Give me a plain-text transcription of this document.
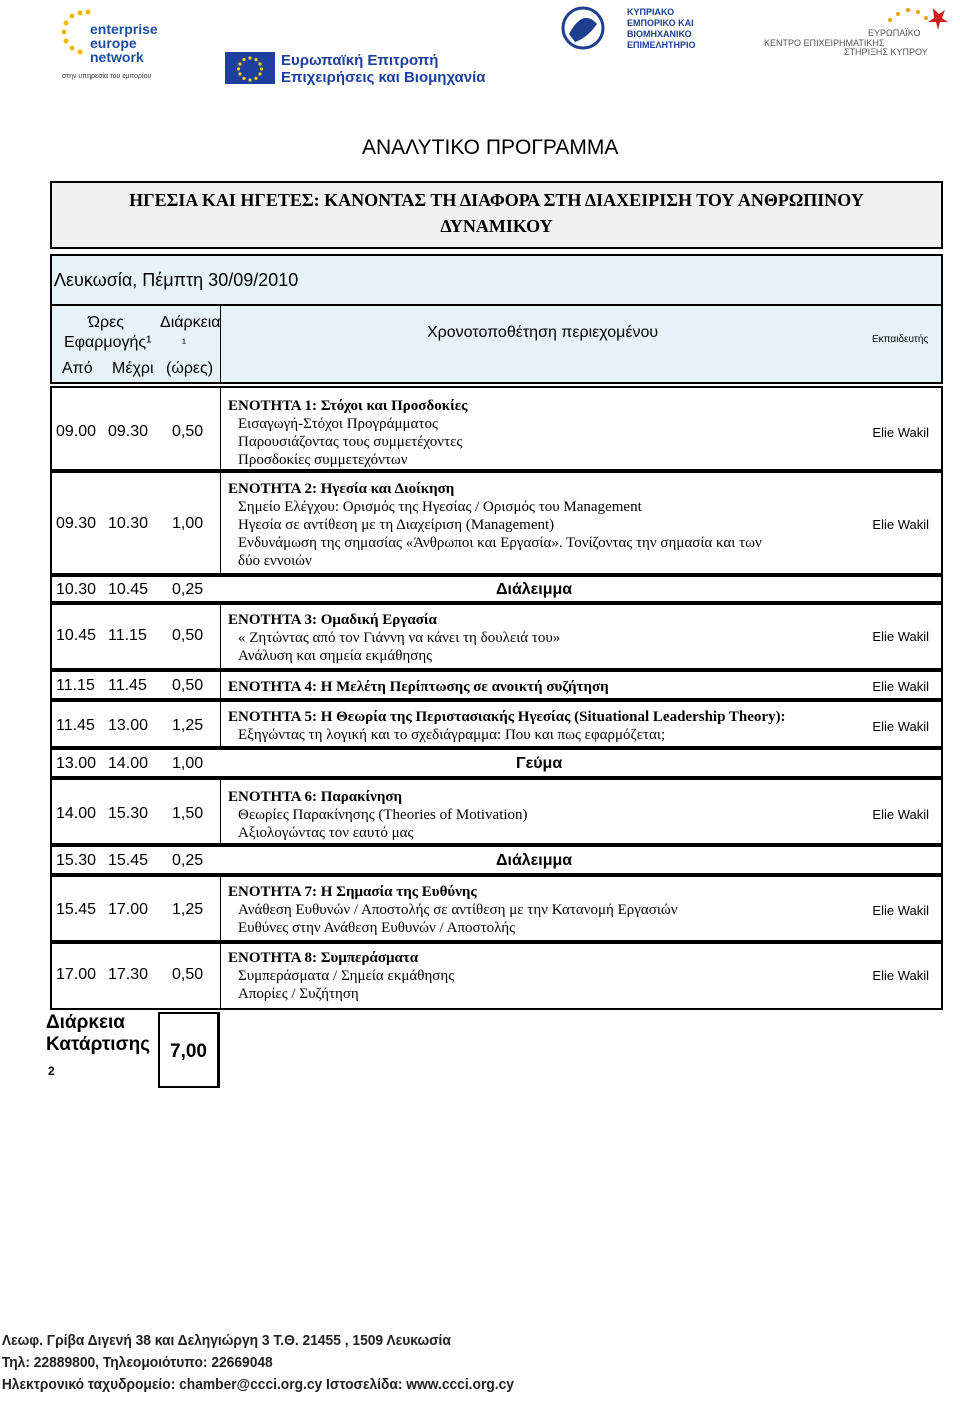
enterprise
europe
network
στην υπηρεσία του εμπορίου
Ευρωπαϊκή Επιτροπή
Επιχειρήσεις και Βιομηχανία
ΚΥΠΡΙΑΚΟ
ΕΜΠΟΡΙΚΟ ΚΑΙ
ΒΙΟΜΗΧΑΝΙΚΟ
ΕΠΙΜΕΛΗΤΗΡΙΟ
ΕΥΡΩΠΑΪΚΟ
ΚΕΝΤΡΟ ΕΠΙΧΕΙΡΗΜΑΤΙΚΗΣ
ΣΤΗΡΙΞΗΣ ΚΥΠΡΟΥ
ΑΝΑΛΥΤΙΚΟ ΠΡΟΓΡΑΜΜΑ
ΗΓΕΣΙΑ ΚΑΙ ΗΓΕΤΕΣ: ΚΑΝΟΝΤΑΣ ΤΗ ΔΙΑΦΟΡΑ ΣΤΗ ΔΙΑΧΕΙΡΙΣΗ ΤΟΥ ΑΝΘΡΩΠΙΝΟΥ
ΔΥΝΑΜΙΚΟΥ
Λευκωσία, Πέμπτη 30/09/2010
Ώρες
Εφαρμογής¹
Διάρκεια
¹
Χρονοτοποθέτηση περιεχομένου	Εκπαιδευτής
Από Μέχρι (ώρες)
09.00 09.30 0,50
ΕΝΟΤΗΤΑ 1: Στόχοι και Προσδοκίες
Εισαγωγή-Στόχοι Προγράμματος
Παρουσιάζοντας τους συμμετέχοντες
Προσδοκίες συμμετεχόντων
Elie Wakil
09.30 10.30 1,00
ΕΝΟΤΗΤΑ 2: Ηγεσία και Διοίκηση
Σημείο Ελέγχου: Ορισμός της Ηγεσίας / Ορισμός του Management
Ηγεσία σε αντίθεση με τη Διαχείριση (Management)
Ενδυνάμωση της σημασίας «Άνθρωποι και Εργασία». Τονίζοντας την σημασία και των
δύο εννοιών
Elie Wakil
10.30 10.45 0,25	Διάλειμμα
10.45 11.15 0,50
ΕΝΟΤΗΤΑ 3: Ομαδική Εργασία
« Ζητώντας από τον Γιάννη να κάνει τη δουλειά του»
Ανάλυση και σημεία εκμάθησης
Elie Wakil
11.15 11.45 0,50 ΕΝΟΤΗΤΑ 4: Η Μελέτη Περίπτωσης σε ανοικτή συζήτηση	Elie Wakil
11.45 13.00 1,25 ΕΝΟΤΗΤΑ 5: Η Θεωρία της Περιστασιακής Ηγεσίας (Situational Leadership Theory):
Εξηγώντας τη λογική και το σχεδιάγραμμα: Που και πως εφαρμόζεται;
Elie Wakil
13.00 14.00 1,00	Γεύμα
14.00 15.30 1,50
ΕΝΟΤΗΤΑ 6: Παρακίνηση
Θεωρίες Παρακίνησης (Theories of Motivation)
Αξιολογώντας τον εαυτό μας
Elie Wakil
15.30 15.45 0,25	Διάλειμμα
15.45 17.00 1,25
ΕΝΟΤΗΤΑ 7: Η Σημασία της Ευθύνης
Ανάθεση Ευθυνών / Αποστολής σε αντίθεση με την Κατανομή Εργασιών
Ευθύνες στην Ανάθεση Ευθυνών / Αποστολής
Elie Wakil
17.00 17.30 0,50
ΕΝΟΤΗΤΑ 8: Συμπεράσματα
Συμπεράσματα / Σημεία εκμάθησης
Απορίες / Συζήτηση
Elie Wakil
Διάρκεια
Κατάρτισης
2
7,00
Λεωφ. Γρίβα Διγενή 38 και Δεληγιώργη 3 Τ.Θ. 21455 , 1509 Λευκωσία
Τηλ: 22889800, Τηλεομοιότυπο: 22669048
Ηλεκτρονικό ταχυδρομείο: chamber@ccci.org.cy Ιστοσελίδα: www.ccci.org.cy
